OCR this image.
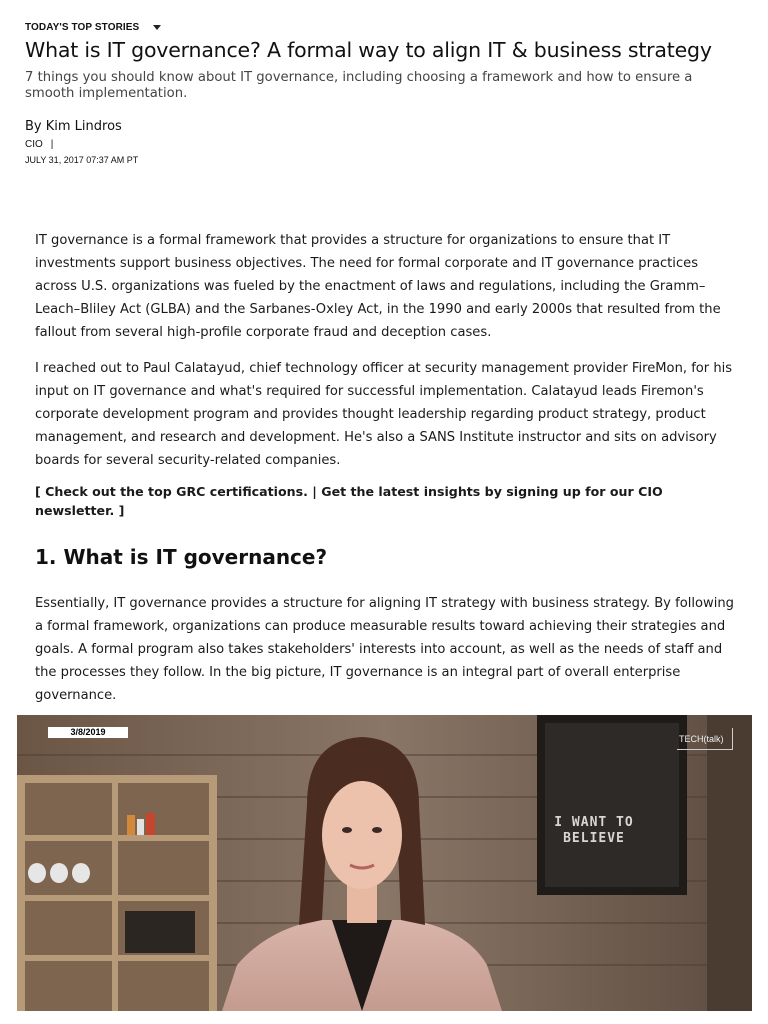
TODAY'S TOP STORIES
What is IT governance? A formal way to align IT & business strategy

7 things you should know about IT governance, including choosing a framework and how to ensure a smooth implementation.

By Kim Lindros
CIO |
JULY 31, 2017 07:37 AM PT

IT governance is a formal framework that provides a structure for organizations to ensure that IT investments support business objectives. The need for formal corporate and IT governance practices across U.S. organizations was fueled by the enactment of laws and regulations, including the Gramm–Leach–Bliley Act (GLBA) and the Sarbanes-Oxley Act, in the 1990 and early 2000s that resulted from the fallout from several high-profile corporate fraud and deception cases.

I reached out to Paul Calatayud, chief technology officer at security management provider FireMon, for his input on IT governance and what's required for successful implementation. Calatayud leads Firemon's corporate development program and provides thought leadership regarding product strategy, product management, and research and development. He's also a SANS Institute instructor and sits on advisory boards for several security-related companies.

[ Check out the top GRC certifications. | Get the latest insights by signing up for our CIO newsletter. ]

1. What is IT governance?

Essentially, IT governance provides a structure for aligning IT strategy with business strategy. By following a formal framework, organizations can produce measurable results toward achieving their strategies and goals. A formal program also takes stakeholders' interests into account, as well as the needs of staff and the processes they follow. In the big picture, IT governance is an integral part of overall enterprise governance.

3/8/2019
TECH(talk)
I WANT TO BELIEVE
